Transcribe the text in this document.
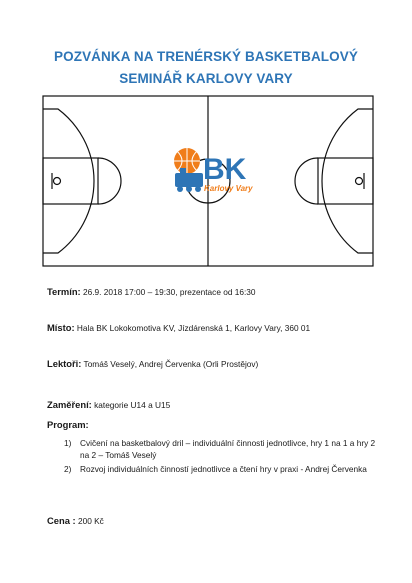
POZVÁNKA NA TRENÉRSKÝ BASKETBALOVÝ
SEMINÁŘ KARLOVY VARY
BK
Karlovy Vary
Termín: 26.9. 2018 17:00 – 19:30, prezentace od 16:30
Místo: Hala BK Lokokomotiva KV, Jízdárenská 1, Karlovy Vary, 360 01
Lektoři: Tomáš Veselý, Andrej Červenka (Orli Prostějov)
Zaměření: kategorie U14 a U15
Program:
1) Cvičení na basketbalový dril – individuální činnosti jednotlivce, hry 1 na 1 a hry 2 na 2 – Tomáš Veselý
2) Rozvoj individuálních činností jednotlivce a čtení hry v praxi - Andrej Červenka
Cena : 200 Kč
